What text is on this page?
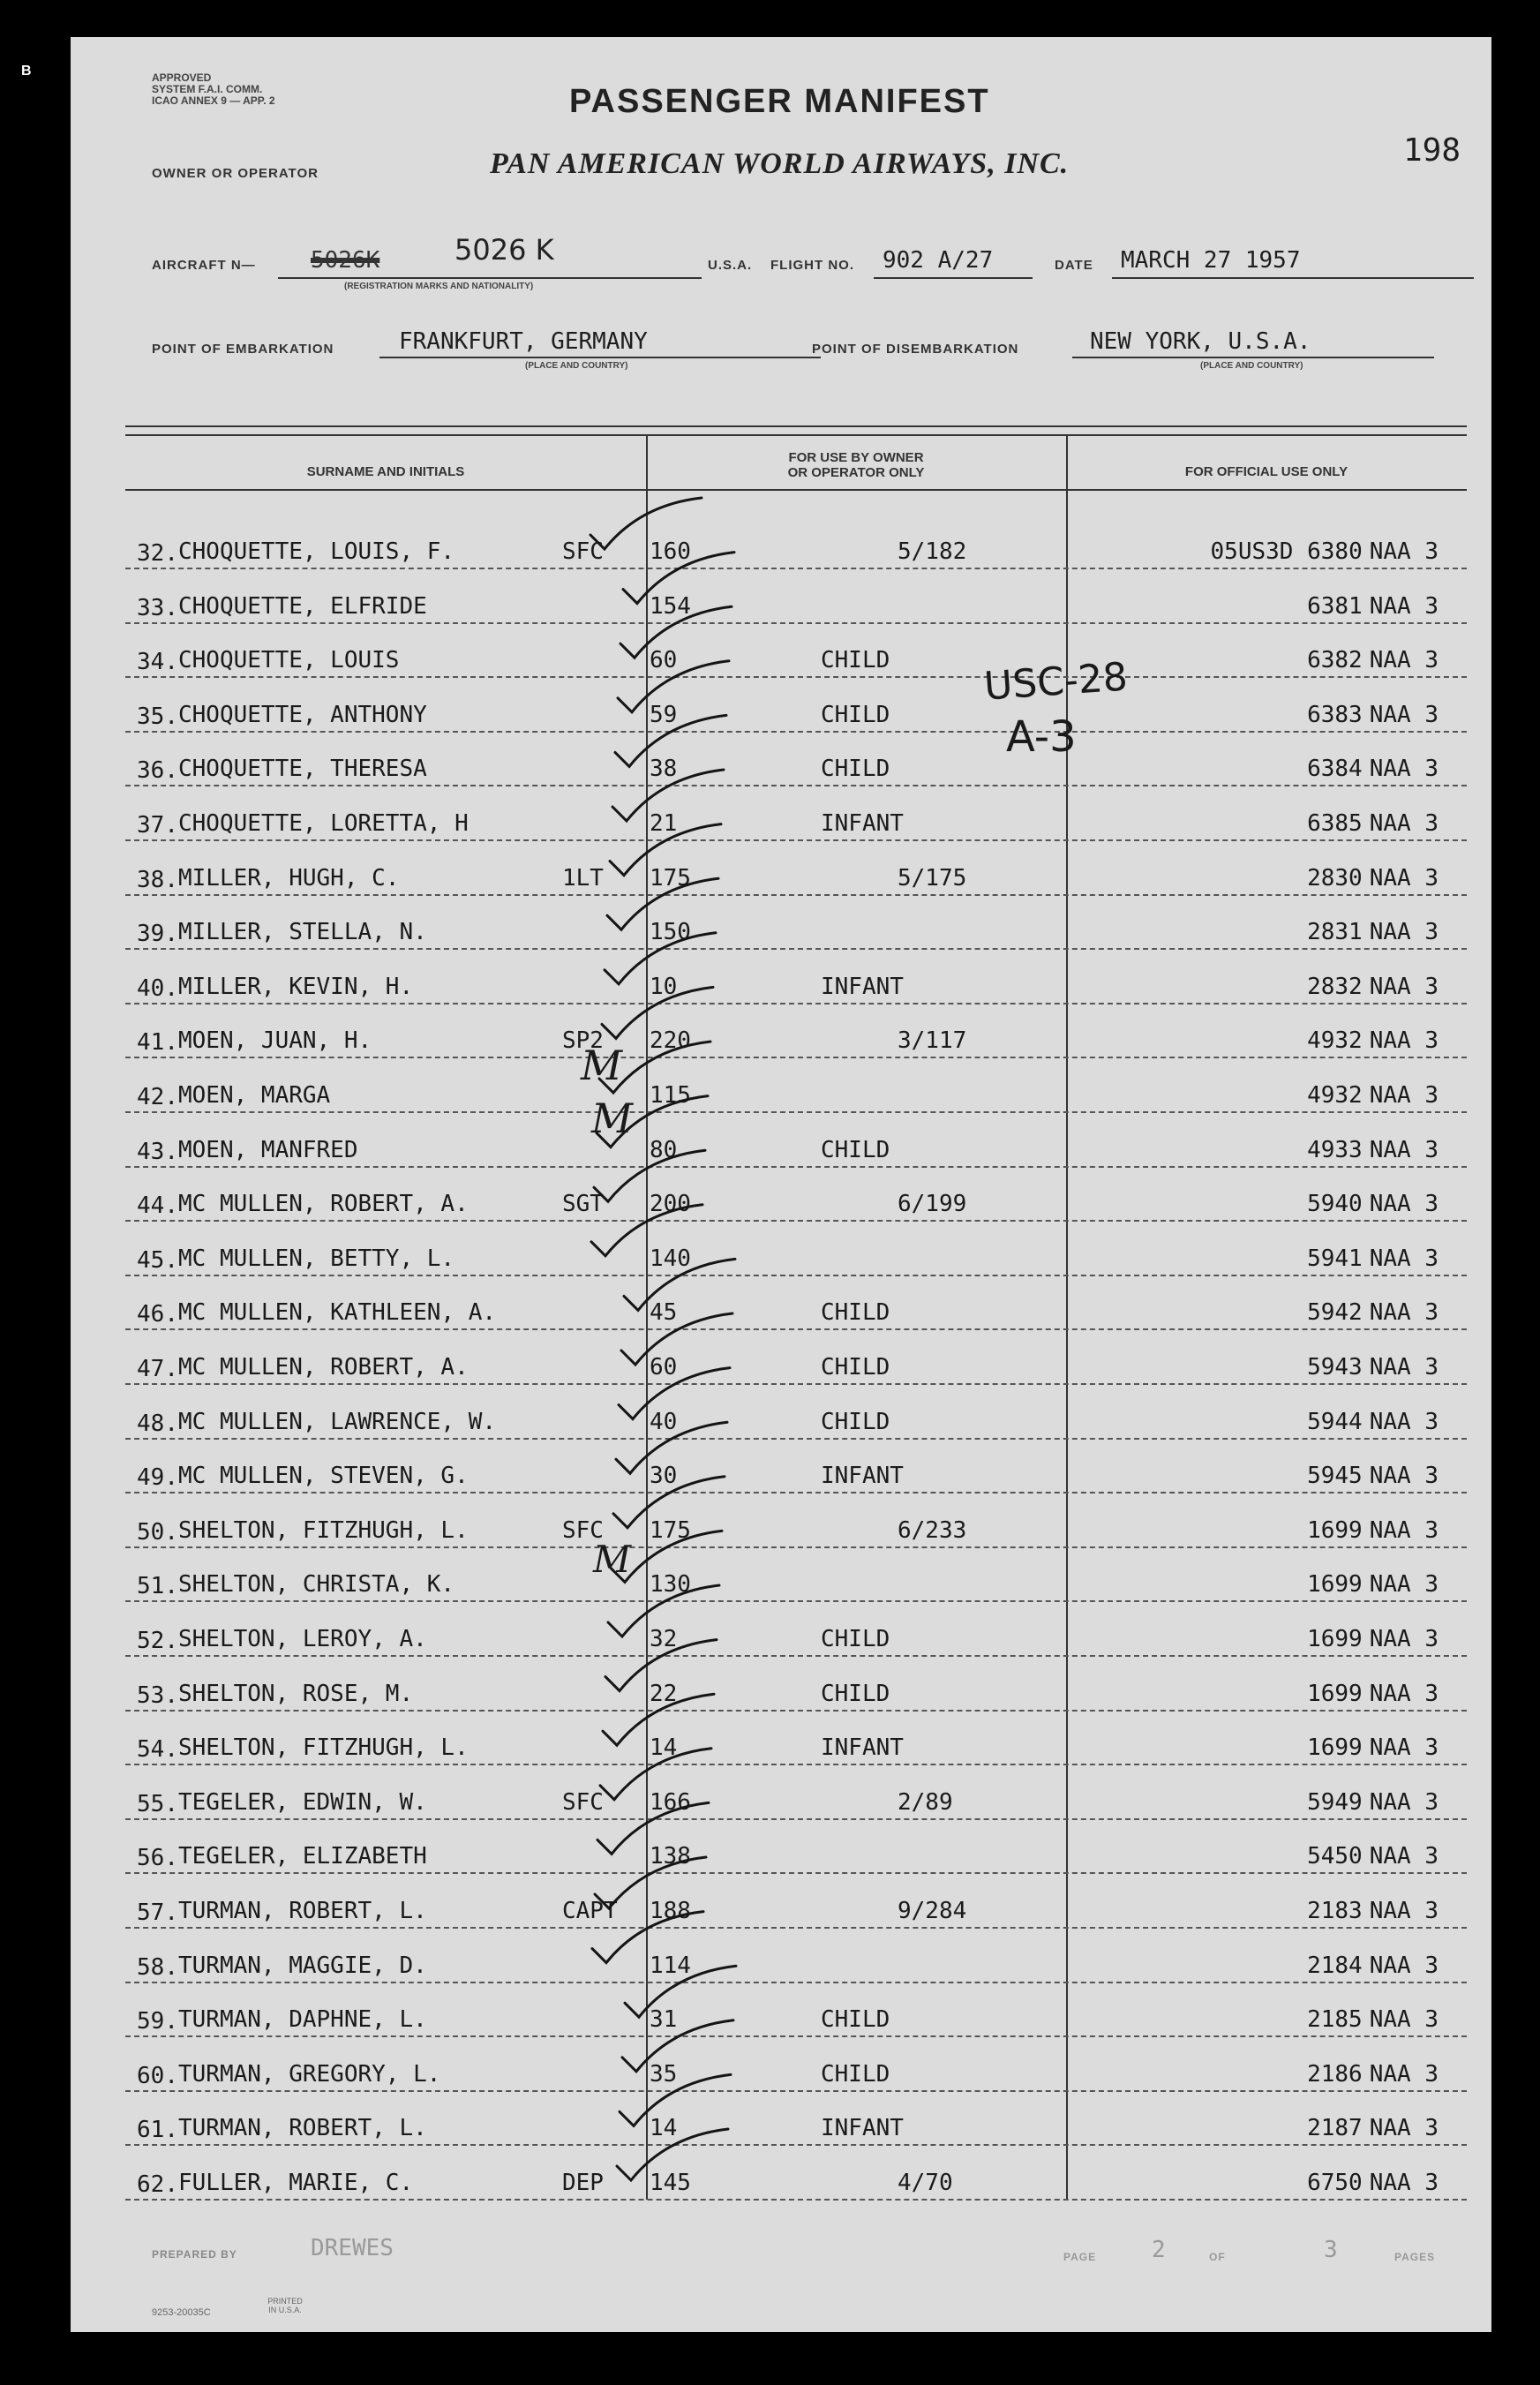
B	APPROVED
SYSTEM F.A.I. COMM.
ICAO ANNEX 9 — APP. 2
OWNER OR OPERATOR
PASSENGER MANIFEST
PAN AMERICAN WORLD AIRWAYS, INC.	198
AIRCRAFT N— 5026K	5026 K
(REGISTRATION MARKS AND NATIONALITY)
U.S.A. FLIGHT NO. 902 A/27	DATE MARCH 27 1957
POINT OF EMBARKATION	FRANKFURT, GERMANY
(PLACE AND COUNTRY)
POINT OF DISEMBARKATION	NEW YORK, U.S.A.
(PLACE AND COUNTRY)
SURNAME AND INITIALS
FOR USE BY OWNER
OR OPERATOR ONLY	FOR OFFICIAL USE ONLY
32. CHOQUETTE, LOUIS, F.	SFC 160	5/182	05US3D 6380 NAA 3
33. CHOQUETTE, ELFRIDE	154	6381 NAA 3
34. CHOQUETTE, LOUIS	60	CHILD	6382 NAA 3
35. CHOQUETTE, ANTHONY	59	CHILD	6383 NAA 3
36. CHOQUETTE, THERESA	38	CHILD	6384 NAA 3
37. CHOQUETTE, LORETTA, H	21	INFANT	6385 NAA 3
38. MILLER, HUGH, C.	1LT 175	5/175	2830 NAA 3
39. MILLER, STELLA, N.	150	2831 NAA 3
40. MILLER, KEVIN, H.	10	INFANT	2832 NAA 3
41. MOEN, JUAN, H.	SP2 220	3/117	4932 NAA 3
42. MOEN, MARGA	115	4932 NAA 3
43. MOEN, MANFRED	80	CHILD	4933 NAA 3
44. MC MULLEN, ROBERT, A.	SGT 200	6/199	5940 NAA 3
45. MC MULLEN, BETTY, L.	140	5941 NAA 3
46. MC MULLEN, KATHLEEN, A.	45	CHILD	5942 NAA 3
47. MC MULLEN, ROBERT, A.	60	CHILD	5943 NAA 3
48. MC MULLEN, LAWRENCE, W.	40	CHILD	5944 NAA 3
49. MC MULLEN, STEVEN, G.	30	INFANT	5945 NAA 3
50. SHELTON, FITZHUGH, L.	SFC 175	6/233	1699 NAA 3
51. SHELTON, CHRISTA, K.	130	1699 NAA 3
52. SHELTON, LEROY, A.	32	CHILD	1699 NAA 3
53. SHELTON, ROSE, M.	22	CHILD	1699 NAA 3
54. SHELTON, FITZHUGH, L.	14	INFANT	1699 NAA 3
55. TEGELER, EDWIN, W.	SFC 166	2/89	5949 NAA 3
56. TEGELER, ELIZABETH	138	5450 NAA 3
57. TURMAN, ROBERT, L.	CAPT 188	9/284	2183 NAA 3
58. TURMAN, MAGGIE, D.	114	2184 NAA 3
59. TURMAN, DAPHNE, L.	31	CHILD	2185 NAA 3
60. TURMAN, GREGORY, L.	35	CHILD	2186 NAA 3
61. TURMAN, ROBERT, L.	14	INFANT	2187 NAA 3
62. FULLER, MARIE, C.	DEP 145	4/70	6750 NAA 3
USC-28
A-3
M
M
M
PREPARED BY	DREWES	PAGE 2	OF	3	PAGES
9253-20035C
PRINTED IN U.S.A.
